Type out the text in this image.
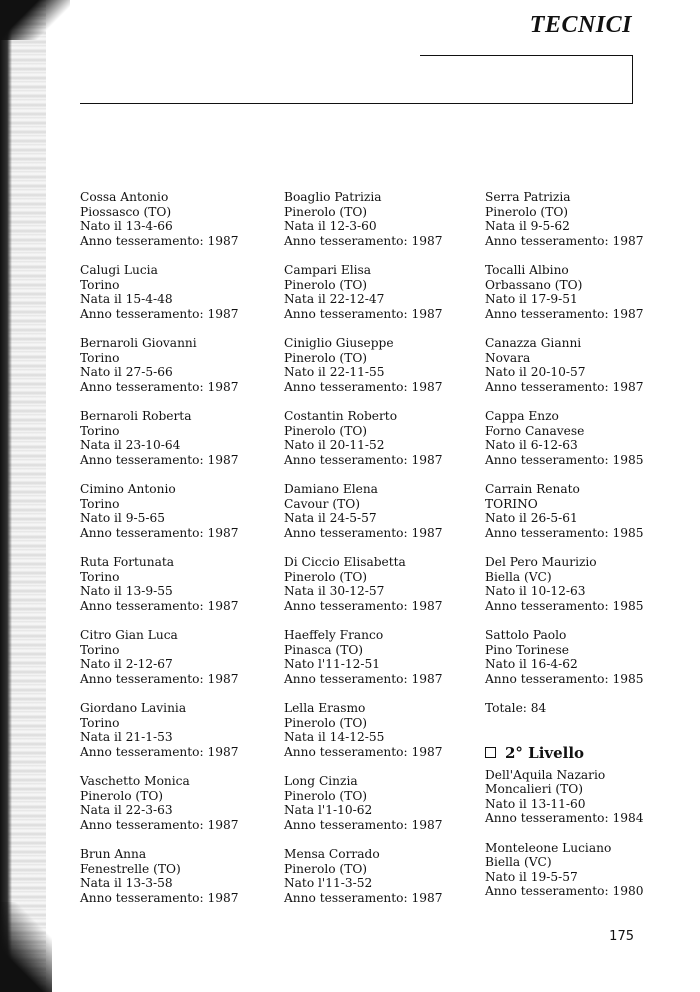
TECNICI
Cossa Antonio
Piossasco (TO)
Nato il 13-4-66
Anno tesseramento: 1987
Calugi Lucia
Torino
Nata il 15-4-48
Anno tesseramento: 1987
Bernaroli Giovanni
Torino
Nato il 27-5-66
Anno tesseramento: 1987
Bernaroli Roberta
Torino
Nata il 23-10-64
Anno tesseramento: 1987
Cimino Antonio
Torino
Nato il 9-5-65
Anno tesseramento: 1987
Ruta Fortunata
Torino
Nato il 13-9-55
Anno tesseramento: 1987
Citro Gian Luca
Torino
Nato il 2-12-67
Anno tesseramento: 1987
Giordano Lavinia
Torino
Nata il 21-1-53
Anno tesseramento: 1987
Vaschetto Monica
Pinerolo (TO)
Nata il 22-3-63
Anno tesseramento: 1987
Brun Anna
Fenestrelle (TO)
Nata il 13-3-58
Anno tesseramento: 1987
Boaglio Patrizia
Pinerolo (TO)
Nata il 12-3-60
Anno tesseramento: 1987
Campari Elisa
Pinerolo (TO)
Nata il 22-12-47
Anno tesseramento: 1987
Ciniglio Giuseppe
Pinerolo (TO)
Nato il 22-11-55
Anno tesseramento: 1987
Costantin Roberto
Pinerolo (TO)
Nato il 20-11-52
Anno tesseramento: 1987
Damiano Elena
Cavour (TO)
Nata il 24-5-57
Anno tesseramento: 1987
Di Ciccio Elisabetta
Pinerolo (TO)
Nata il 30-12-57
Anno tesseramento: 1987
Haeffely Franco
Pinasca (TO)
Nato l'11-12-51
Anno tesseramento: 1987
Lella Erasmo
Pinerolo (TO)
Nata il 14-12-55
Anno tesseramento: 1987
Long Cinzia
Pinerolo (TO)
Nata l'1-10-62
Anno tesseramento: 1987
Mensa Corrado
Pinerolo (TO)
Nato l'11-3-52
Anno tesseramento: 1987
Serra Patrizia
Pinerolo (TO)
Nata il 9-5-62
Anno tesseramento: 1987
Tocalli Albino
Orbassano (TO)
Nato il 17-9-51
Anno tesseramento: 1987
Canazza Gianni
Novara
Nato il 20-10-57
Anno tesseramento: 1987
Cappa Enzo
Forno Canavese
Nato il 6-12-63
Anno tesseramento: 1985
Carrain Renato
TORINO
Nato il 26-5-61
Anno tesseramento: 1985
Del Pero Maurizio
Biella (VC)
Nato il 10-12-63
Anno tesseramento: 1985
Sattolo Paolo
Pino Torinese
Nato il 16-4-62
Anno tesseramento: 1985
Totale: 84
2° Livello
Dell'Aquila Nazario
Moncalieri (TO)
Nato il 13-11-60
Anno tesseramento: 1984
Monteleone Luciano
Biella (VC)
Nato il 19-5-57
Anno tesseramento: 1980
175
